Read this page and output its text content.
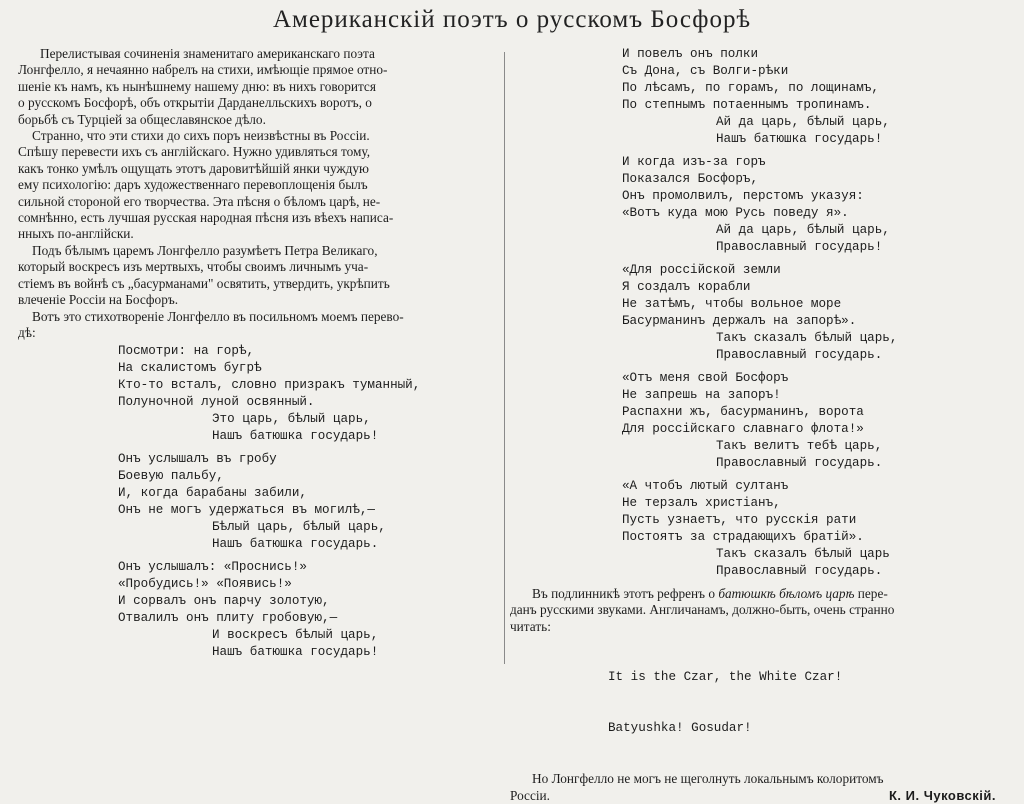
Американскiй поэтъ о русскомъ Босфорѣ
Перелистывая сочиненiя знаменитаго американскаго поэта
Лонгфелло, я нечаянно набрелъ на стихи, имѣющiе прямое отно-
шенiе къ намъ, къ нынѣшнему нашему дню: въ нихъ говорится
о русскомъ Босфорѣ, объ открытiи Дарданелльскихъ воротъ, о
борьбѣ съ Турцiей за общеславянское дѣло.
Странно, что эти стихи до сихъ поръ неизвѣстны въ Россiи.
Спѣшу перевести ихъ съ англiйскаго. Нужно удивляться тому,
какъ тонко умѣлъ ощущать этотъ даровитѣйшiй янки чуждую
ему психологiю: даръ художественнаго перевоплощенiя былъ
сильной стороной его творчества. Эта пѣсня о бѣломъ царѣ, не-
сомнѣнно, есть лучшая русская народная пѣсня изъ вѣехъ написа-
нныхъ по-англiйски.
Подъ бѣлымъ царемъ Лонгфелло разумѣетъ Петра Великаго,
который воскресъ изъ мертвыхъ, чтобы своимъ личнымъ уча-
стiемъ въ войнѣ съ „басурманами" освятить, утвердить, укрѣпить
влеченiе Россiи на Босфоръ.
Вотъ это стихотворенiе Лонгфелло въ посильномъ моемъ перево-
дѣ:
Посмотри: на горѣ,
На скалистомъ бугрѣ
Кто-то всталъ, словно призракъ туманный,
Полуночной луной освянный.
Это царь, бѣлый царь,
Нашъ батюшка государь!
Онъ услышалъ въ гробу
Боевую пальбу,
И, когда барабаны забили,
Онъ не могъ удержаться въ могилѣ,—
Бѣлый царь, бѣлый царь,
Нашъ батюшка государь.
Онъ услышалъ: «Проснись!»
«Пробудись!» «Появись!»
И сорвалъ онъ парчу золотую,
Отвалилъ онъ плиту гробовую,—
И воскресъ бѣлый царь,
Нашъ батюшка государь!
И повелъ онъ полки
Съ Дона, съ Волги-рѣки
По лѣсамъ, по горамъ, по лощинамъ,
По степнымъ потаеннымъ тропинамъ.
Ай да царь, бѣлый царь,
Нашъ батюшка государь!
И когда изъ-за горъ
Показался Босфоръ,
Онъ промолвилъ, перстомъ указуя:
«Вотъ куда мою Русь поведу я».
Ай да царь, бѣлый царь,
Православный государь!
«Для россiйской земли
Я создалъ корабли
Не затѣмъ, чтобы вольное море
Басурманинъ держалъ на запорѣ».
Такъ сказалъ бѣлый царь,
Православный государь.
«Отъ меня свой Босфоръ
Не запрешь на запоръ!
Распахни жъ, басурманинъ, ворота
Для россiйскаго славнаго флота!»
Такъ велитъ тебѣ царь,
Православный государь.
«А чтобъ лютый султанъ
Не терзалъ христiанъ,
Пусть узнаетъ, что русскiя рати
Постоятъ за страдающихъ братiй».
Такъ сказалъ бѣлый царь
Православный государь.
Въ подлинникѣ этотъ рефренъ о батюшкѣ бѣломъ царѣ пере-
данъ русскими звуками. Англичанамъ, должно-быть, очень странно
читать:

It is the Czar, the White Czar!

Batyushka! Gosudar!

Но Лонгфелло не могъ не щеголнуть локальнымъ колоритомъ
Россiи.	К. И. Чуковскiй.
